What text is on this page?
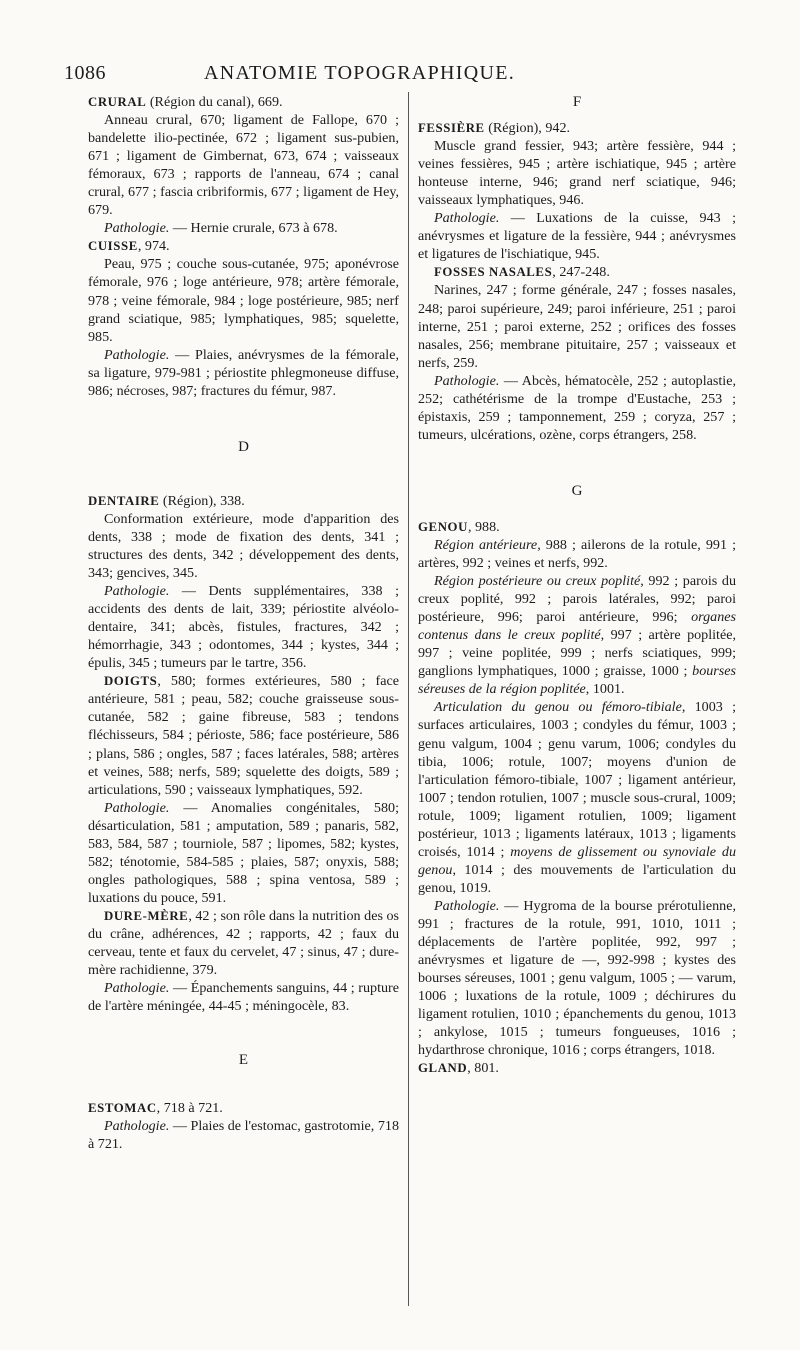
1086	ANATOMIE TOPOGRAPHIQUE.

CRURAL (Région du canal), 669.

Anneau crural, 670; ligament de Fallope, 670 ; bandelette ilio-pectinée, 672 ; ligament sus-pubien, 671 ; ligament de Gimbernat, 673, 674 ; vaisseaux fémoraux, 673 ; rapports de l'anneau, 674 ; canal crural, 677 ; fascia cribriformis, 677 ; ligament de Hey, 679.

Pathologie. — Hernie crurale, 673 à 678.

CUISSE, 974.

Peau, 975 ; couche sous-cutanée, 975; aponévrose fémorale, 976 ; loge antérieure, 978; artère fémorale, 978 ; veine fémorale, 984 ; loge postérieure, 985; nerf grand sciatique, 985; lymphatiques, 985; squelette, 985.

Pathologie. — Plaies, anévrysmes de la fémorale, sa ligature, 979-981 ; périostite phlegmoneuse diffuse, 986; nécroses, 987; fractures du fémur, 987.

D

DENTAIRE (Région), 338.

Conformation extérieure, mode d'apparition des dents, 338 ; mode de fixation des dents, 341 ; structures des dents, 342 ; développement des dents, 343; gencives, 345.

Pathologie. — Dents supplémentaires, 338 ; accidents des dents de lait, 339; périostite alvéolo-dentaire, 341; abcès, fistules, fractures, 342 ; hémorrhagie, 343 ; odontomes, 344 ; kystes, 344 ; épulis, 345 ; tumeurs par le tartre, 356.

DOIGTS, 580; formes extérieures, 580 ; face antérieure, 581 ; peau, 582; couche graisseuse sous-cutanée, 582 ; gaine fibreuse, 583 ; tendons fléchisseurs, 584 ; périoste, 586; face postérieure, 586 ; plans, 586 ; ongles, 587 ; faces latérales, 588; artères et veines, 588; nerfs, 589; squelette des doigts, 589 ; articulations, 590 ; vaisseaux lymphatiques, 592.

Pathologie. — Anomalies congénitales, 580; désarticulation, 581 ; amputation, 589 ; panaris, 582, 583, 584, 587 ; tourniole, 587 ; lipomes, 582; kystes, 582; ténotomie, 584-585 ; plaies, 587; onyxis, 588; ongles pathologiques, 588 ; spina ventosa, 589 ; luxations du pouce, 591.

DURE-MÈRE, 42 ; son rôle dans la nutrition des os du crâne, adhérences, 42 ; rapports, 42 ; faux du cerveau, tente et faux du cervelet, 47 ; sinus, 47 ; dure-mère rachidienne, 379.

Pathologie. — Épanchements sanguins, 44 ; rupture de l'artère méningée, 44-45 ; méningocèle, 83.

E

ESTOMAC, 718 à 721.

Pathologie. — Plaies de l'estomac, gastrotomie, 718 à 721.

F

FESSIÈRE (Région), 942.

Muscle grand fessier, 943; artère fessière, 944 ; veines fessières, 945 ; artère ischiatique, 945 ; artère honteuse interne, 946; grand nerf sciatique, 946; vaisseaux lymphatiques, 946.

Pathologie. — Luxations de la cuisse, 943 ; anévrysmes et ligature de la fessière, 944 ; anévrysmes et ligatures de l'ischiatique, 945.

FOSSES NASALES, 247-248.

Narines, 247 ; forme générale, 247 ; fosses nasales, 248; paroi supérieure, 249; paroi inférieure, 251 ; paroi interne, 251 ; paroi externe, 252 ; orifices des fosses nasales, 256; membrane pituitaire, 257 ; vaisseaux et nerfs, 259.

Pathologie. — Abcès, hématocèle, 252 ; autoplastie, 252; cathétérisme de la trompe d'Eustache, 253 ; épistaxis, 259 ; tamponnement, 259 ; coryza, 257 ; tumeurs, ulcérations, ozène, corps étrangers, 258.

G

GENOU, 988.

Région antérieure, 988 ; ailerons de la rotule, 991 ; artères, 992 ; veines et nerfs, 992.

Région postérieure ou creux poplité, 992 ; parois du creux poplité, 992 ; parois latérales, 992; paroi postérieure, 996; paroi antérieure, 996; organes contenus dans le creux poplité, 997 ; artère poplitée, 997 ; veine poplitée, 999 ; nerfs sciatiques, 999; ganglions lymphatiques, 1000 ; graisse, 1000 ; bourses séreuses de la région poplitée, 1001.

Articulation du genou ou fémoro-tibiale, 1003 ; surfaces articulaires, 1003 ; condyles du fémur, 1003 ; genu valgum, 1004 ; genu varum, 1006; condyles du tibia, 1006; rotule, 1007; moyens d'union de l'articulation fémoro-tibiale, 1007 ; ligament antérieur, 1007 ; tendon rotulien, 1007 ; muscle sous-crural, 1009; rotule, 1009; ligament rotulien, 1009; ligament postérieur, 1013 ; ligaments latéraux, 1013 ; ligaments croisés, 1014 ; moyens de glissement ou synoviale du genou, 1014 ; des mouvements de l'articulation du genou, 1019.

Pathologie. — Hygroma de la bourse prérotulienne, 991 ; fractures de la rotule, 991, 1010, 1011 ; déplacements de l'artère poplitée, 992, 997 ; anévrysmes et ligature de —, 992-998 ; kystes des bourses séreuses, 1001 ; genu valgum, 1005 ; — varum, 1006 ; luxations de la rotule, 1009 ; déchirures du ligament rotulien, 1010 ; épanchements du genou, 1013 ; ankylose, 1015 ; tumeurs fongueuses, 1016 ; hydarthrose chronique, 1016 ; corps étrangers, 1018.

GLAND, 801.
